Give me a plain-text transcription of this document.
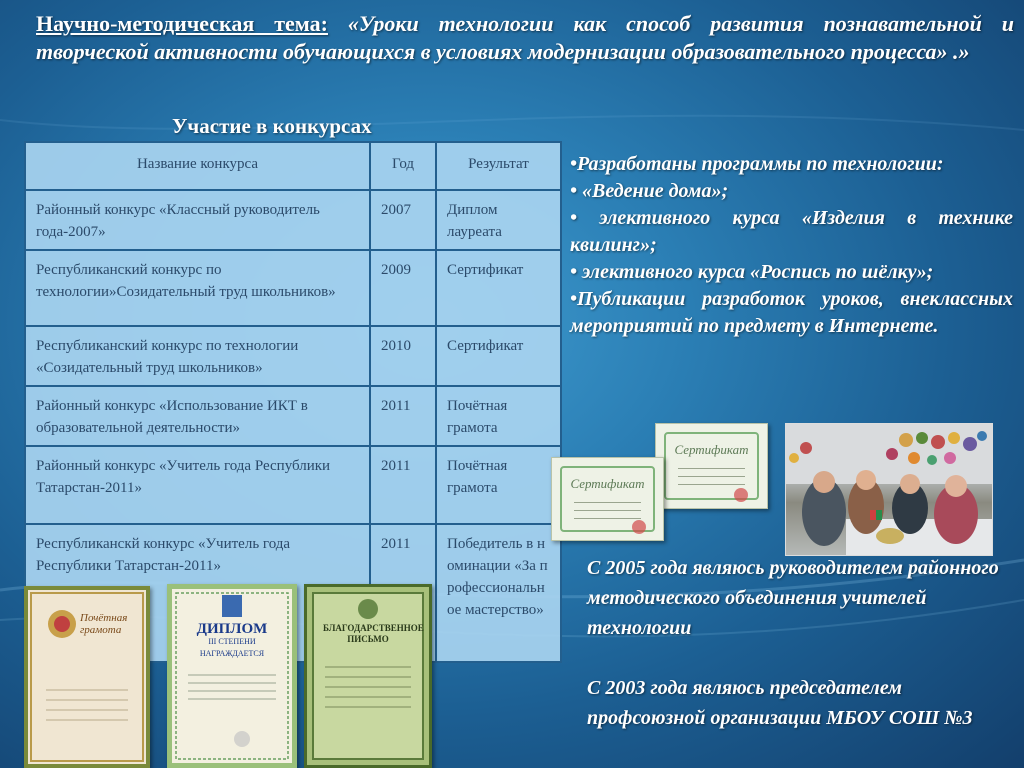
Научно-методическая тема: «Уроки технологии как способ развития познавательной и творческой активности обучающихся в условиях модернизации образовательного процесса» .»
Участие в конкурсах
Название конкурса	Год	Результат
Районный конкурс «Классный руководитель года-2007»	2007	Диплом лауреата
Республиканский конкурс по технологии»Созидательный труд школьников»	2009	Сертификат
Республиканский конкурс по технологии «Созидательный труд школьников»	2010	Сертификат
Районный конкурс «Использование ИКТ в образовательной деятельности»	2011	Почётная грамота
Районный конкурс «Учитель года Республики Татарстан-2011»	2011	Почётная грамота
Республиканскй конкурс «Учитель года Республики Татарстан-2011»	2011	Победитель в номинации «За профессиональное мастерство»

•Разработаны программы по технологии:

• «Ведение дома»;

• элективного курса «Изделия в технике квилинг»;

• элективного курса «Роспись по шёлку»;

•Публикации разработок уроков, внеклассных мероприятий по предмету в Интернете.

Сертификат
Сертификат
Почётная грамота	ДИПЛОМ
III СТЕПЕНИ
НАГРАЖДАЕТСЯ
БЛАГОДАРСТВЕННОЕ ПИСЬМО

С 2005 года являюсь руководителем районного методического объединения учителей технологии

С 2003 года являюсь председателем профсоюзной организации МБОУ СОШ №3
